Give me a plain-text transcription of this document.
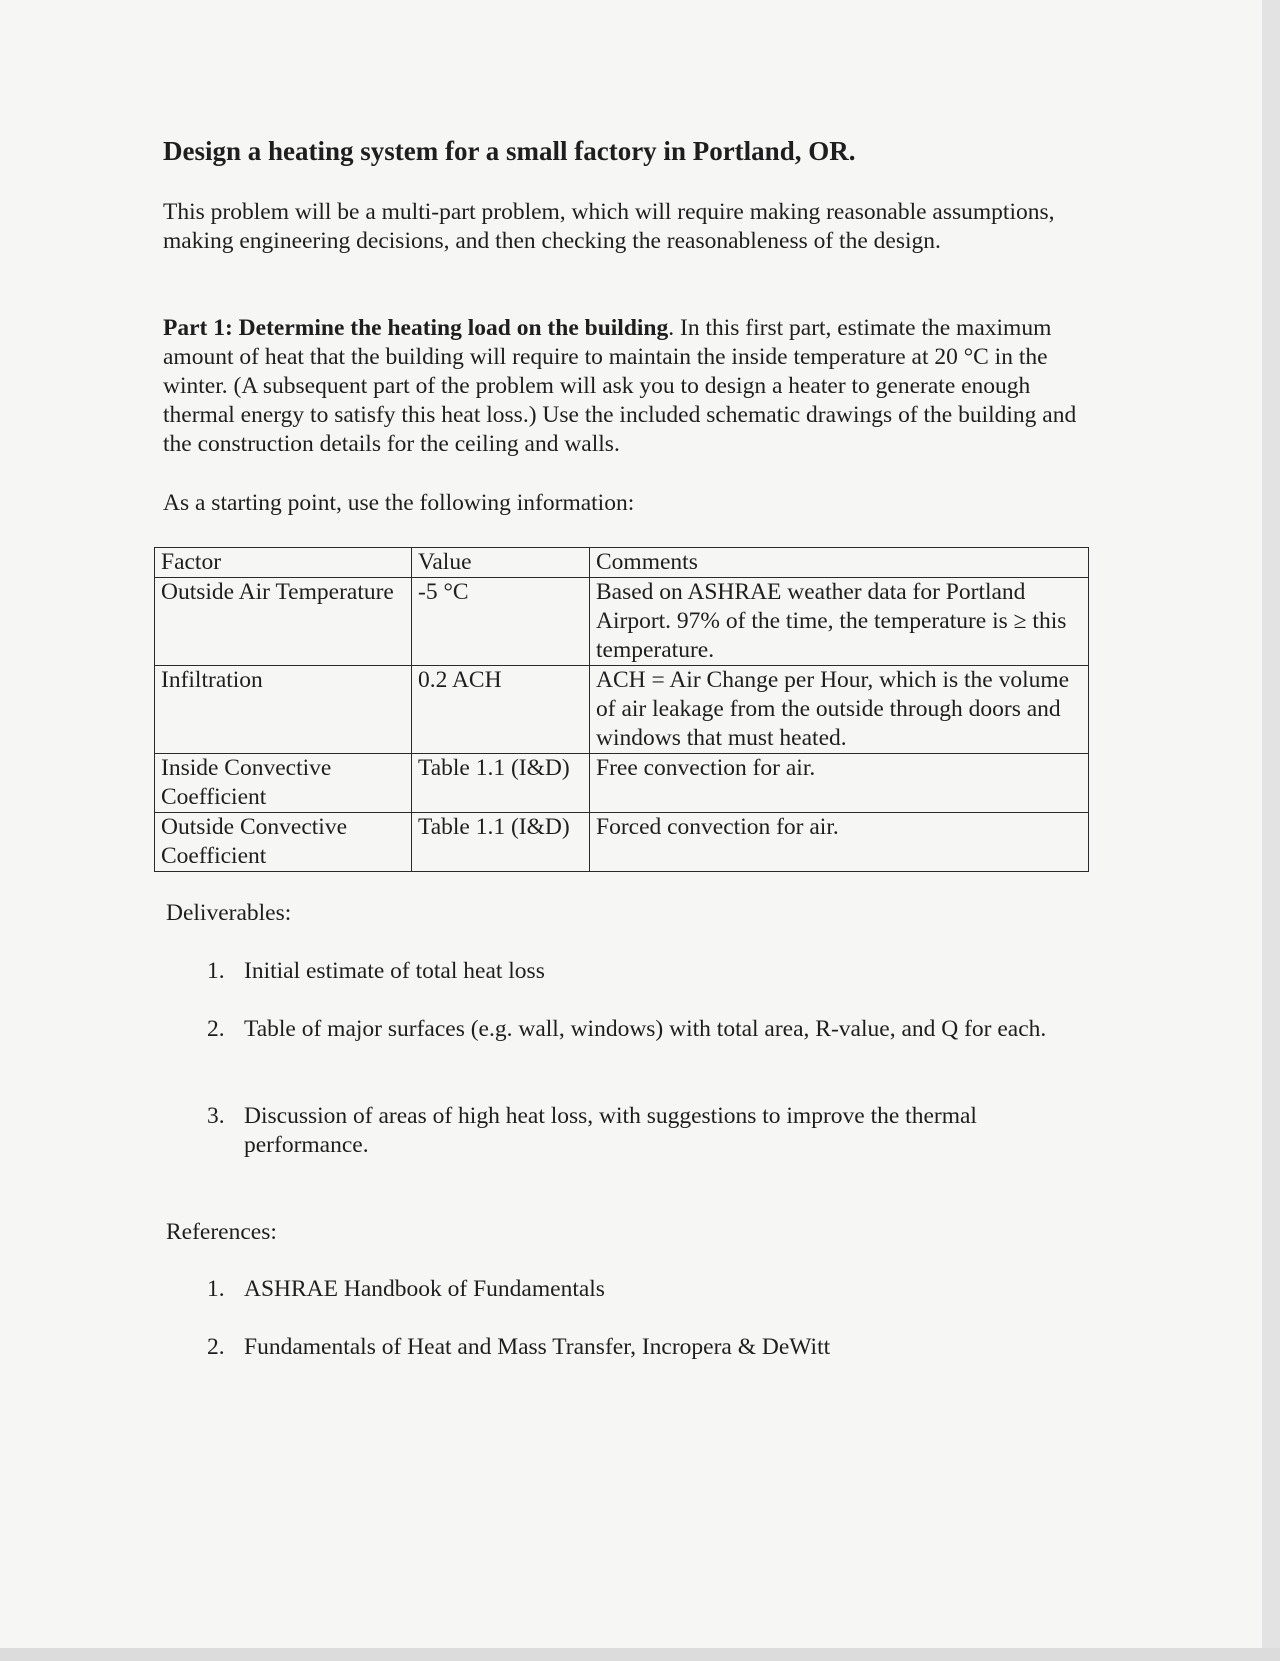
Design a heating system for a small factory in Portland, OR.

This problem will be a multi-part problem, which will require making reasonable assumptions, making engineering decisions, and then checking the reasonableness of the design.

Part 1: Determine the heating load on the building. In this first part, estimate the maximum amount of heat that the building will require to maintain the inside temperature at 20 °C in the winter. (A subsequent part of the problem will ask you to design a heater to generate enough thermal energy to satisfy this heat loss.) Use the included schematic drawings of the building and the construction details for the ceiling and walls.

As a starting point, use the following information:

Factor	Value	Comments
Outside Air Temperature	-5 °C	Based on ASHRAE weather data for Portland Airport. 97% of the time, the temperature is ≥ this temperature.
Infiltration	0.2 ACH	ACH = Air Change per Hour, which is the volume of air leakage from the outside through doors and windows that must heated.
Inside Convective Coefficient	Table 1.1 (I&D)	Free convection for air.
Outside Convective Coefficient	Table 1.1 (I&D)	Forced convection for air.

Deliverables:

1. Initial estimate of total heat loss
2. Table of major surfaces (e.g. wall, windows) with total area, R-value, and Q for each.
3. Discussion of areas of high heat loss, with suggestions to improve the thermal performance.

References:

1. ASHRAE Handbook of Fundamentals
2. Fundamentals of Heat and Mass Transfer, Incropera & DeWitt
